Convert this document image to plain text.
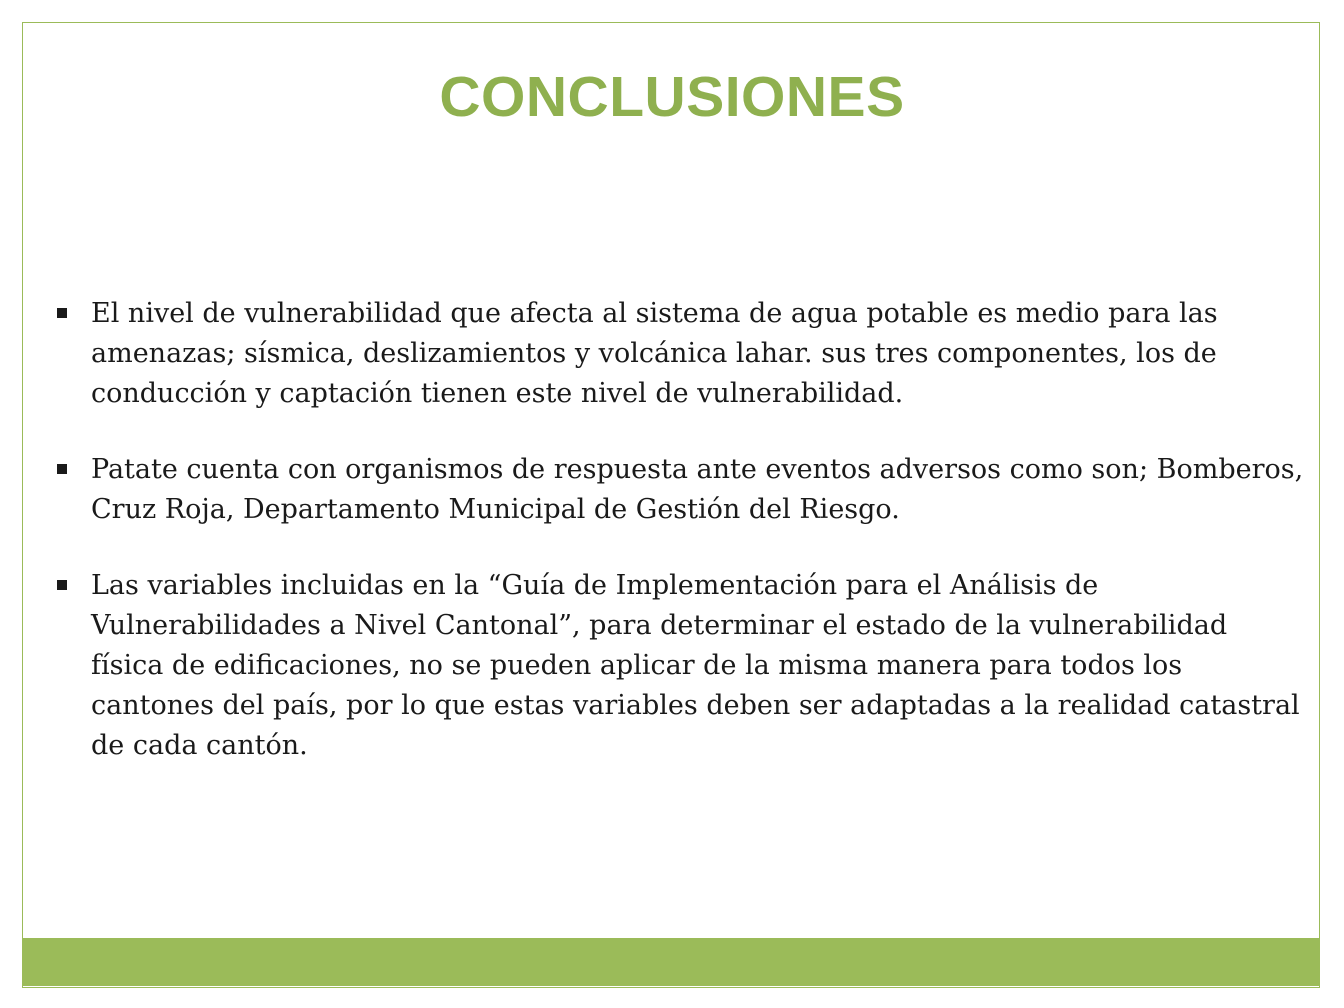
CONCLUSIONES
El nivel de vulnerabilidad que afecta al sistema de agua potable es medio para las amenazas; sísmica, deslizamientos y volcánica lahar. sus tres componentes, los de conducción y captación tienen este nivel de vulnerabilidad.
Patate cuenta con organismos de respuesta ante eventos adversos como son; Bomberos, Cruz Roja, Departamento Municipal de Gestión del Riesgo.
Las variables incluidas en la “Guía de Implementación para el Análisis de Vulnerabilidades a Nivel Cantonal”, para determinar el estado de la vulnerabilidad física de edificaciones, no se pueden aplicar de la misma manera para todos los cantones del país, por lo que estas variables deben ser adaptadas a la realidad catastral de cada cantón.
